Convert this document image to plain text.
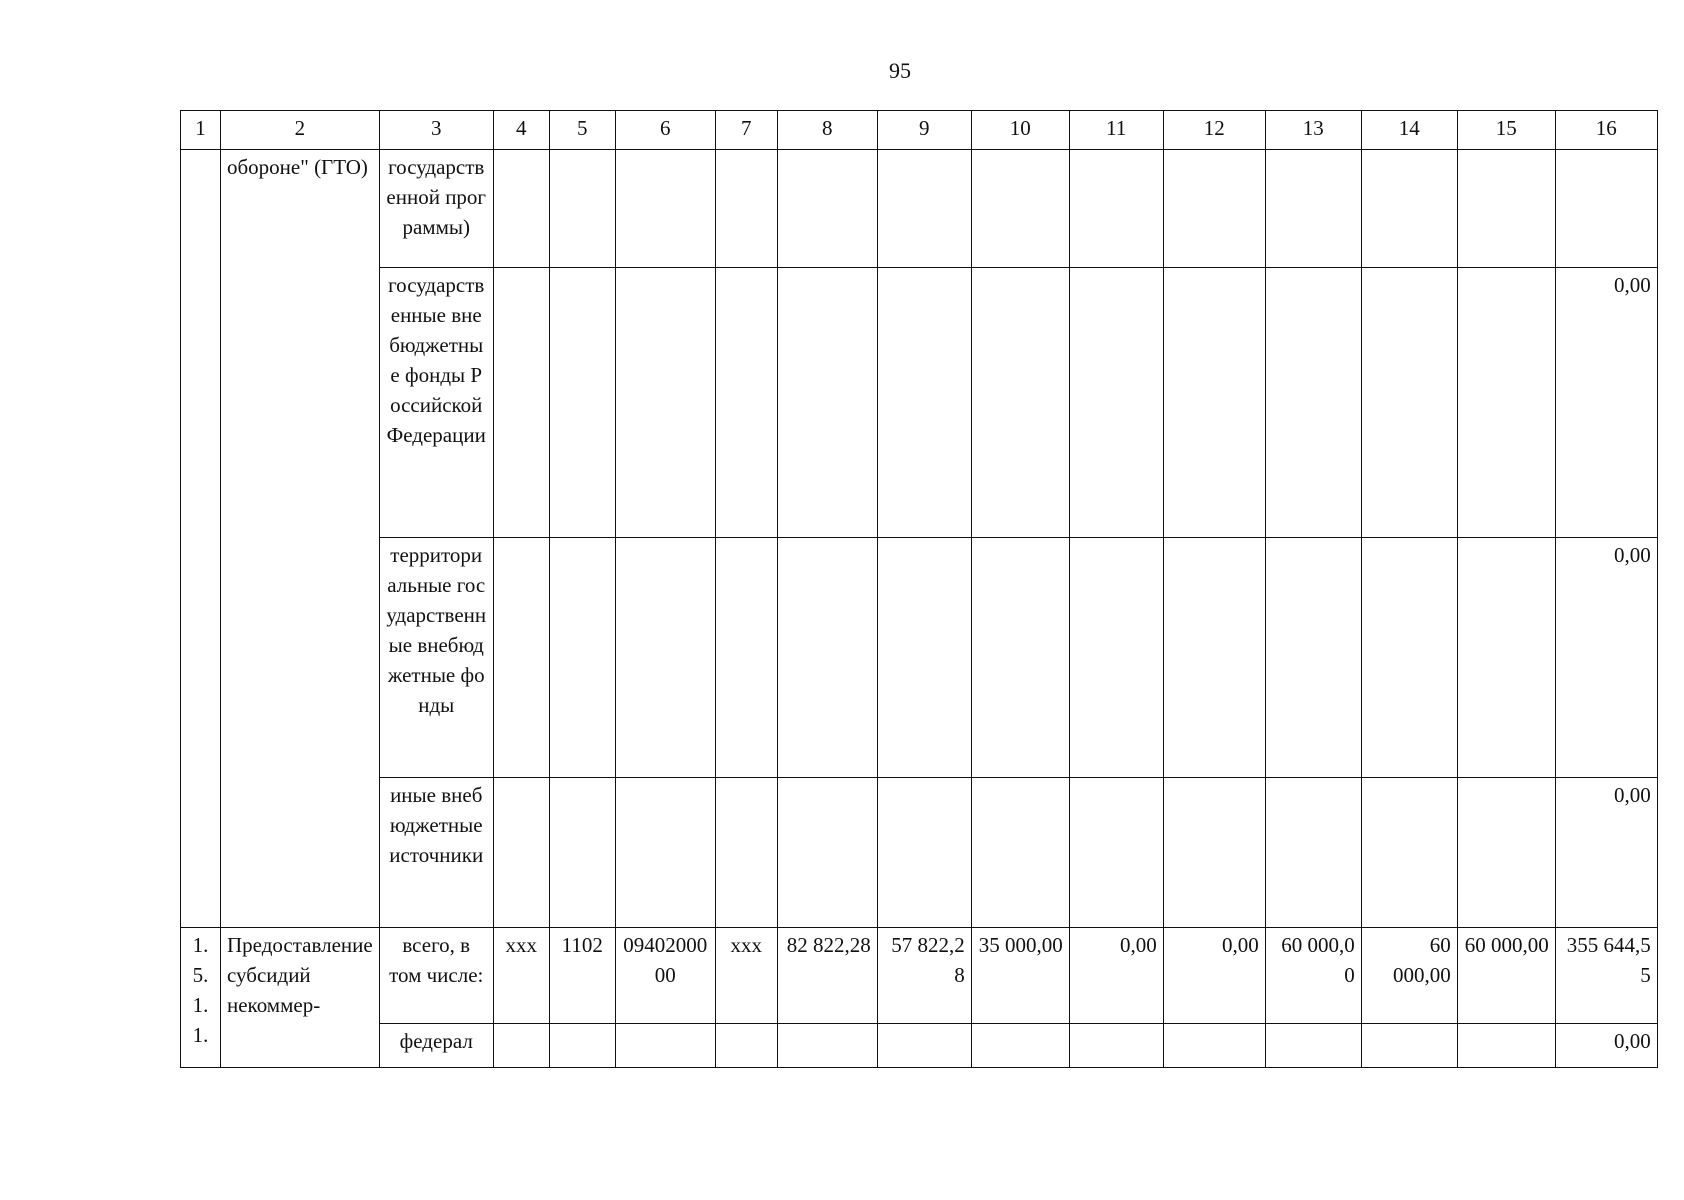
95
1	2	3	4	5	6	7	8	9	10	11	12	13	14	15	16
	обороне" (ГТО)	государственной программы)													
		государственные внебюджетные фонды Российской Федерации													0,00
		территориальные государственные внебюджетные фонды													0,00
		иные внебюджетные источники													0,00
1.5.1.1.	Предоставление субсидий некоммер-	всего, в том числе:	xxx	1102	0940200000	xxx	82 822,28	57 822,28	35 000,00	0,00	0,00	60 000,00	60 000,00	60 000,00	355 644,55
		федерал													0,00
